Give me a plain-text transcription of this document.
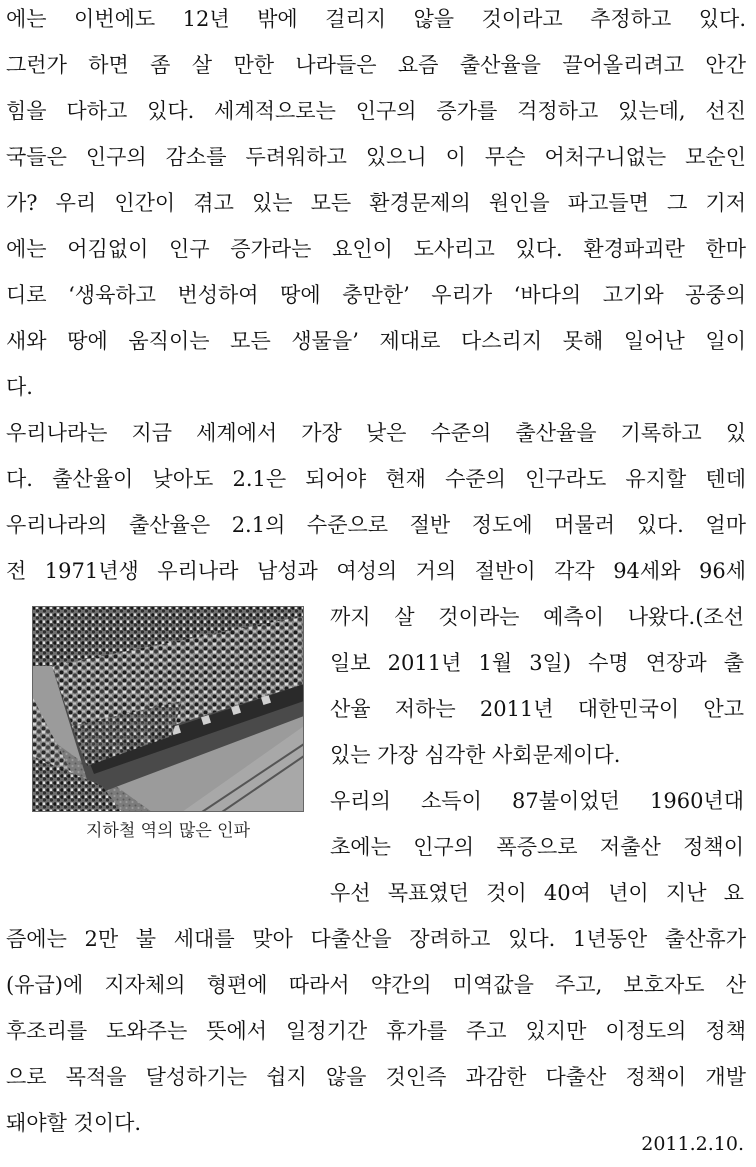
에는 이번에도 12년 밖에 걸리지 않을 것이라고 추정하고 있다.
그런가 하면 좀 살 만한 나라들은 요즘 출산율을 끌어올리려고 안간
힘을 다하고 있다. 세계적으로는 인구의 증가를 걱정하고 있는데, 선진
국들은 인구의 감소를 두려워하고 있으니 이 무슨 어처구니없는 모순인
가? 우리 인간이 겪고 있는 모든 환경문제의 원인을 파고들면 그 기저
에는 어김없이 인구 증가라는 요인이 도사리고 있다. 환경파괴란 한마
디로 ‘생육하고 번성하여 땅에 충만한’ 우리가 ‘바다의 고기와 공중의
새와 땅에 움직이는 모든 생물을’ 제대로 다스리지 못해 일어난 일이
다.
우리나라는 지금 세계에서 가장 낮은 수준의 출산율을 기록하고 있
다. 출산율이 낮아도 2.1은 되어야 현재 수준의 인구라도 유지할 텐데
우리나라의 출산율은 2.1의 수준으로 절반 정도에 머물러 있다. 얼마
전 1971년생 우리나라 남성과 여성의 거의 절반이 각각 94세와 96세
까지 살 것이라는 예측이 나왔다.(조선
일보 2011년 1월 3일) 수명 연장과 출
산율 저하는 2011년 대한민국이 안고
있는 가장 심각한 사회문제이다.
우리의 소득이 87불이었던 1960년대
초에는 인구의 폭증으로 저출산 정책이
우선 목표였던 것이 40여 년이 지난 요
지하철 역의 많은 인파
즘에는 2만 불 세대를 맞아 다출산을 장려하고 있다. 1년동안 출산휴가
(유급)에 지자체의 형편에 따라서 약간의 미역값을 주고, 보호자도 산
후조리를 도와주는 뜻에서 일정기간 휴가를 주고 있지만 이정도의 정책
으로 목적을 달성하기는 쉽지 않을 것인즉 과감한 다출산 정책이 개발
돼야할 것이다.
2011.2.10.
